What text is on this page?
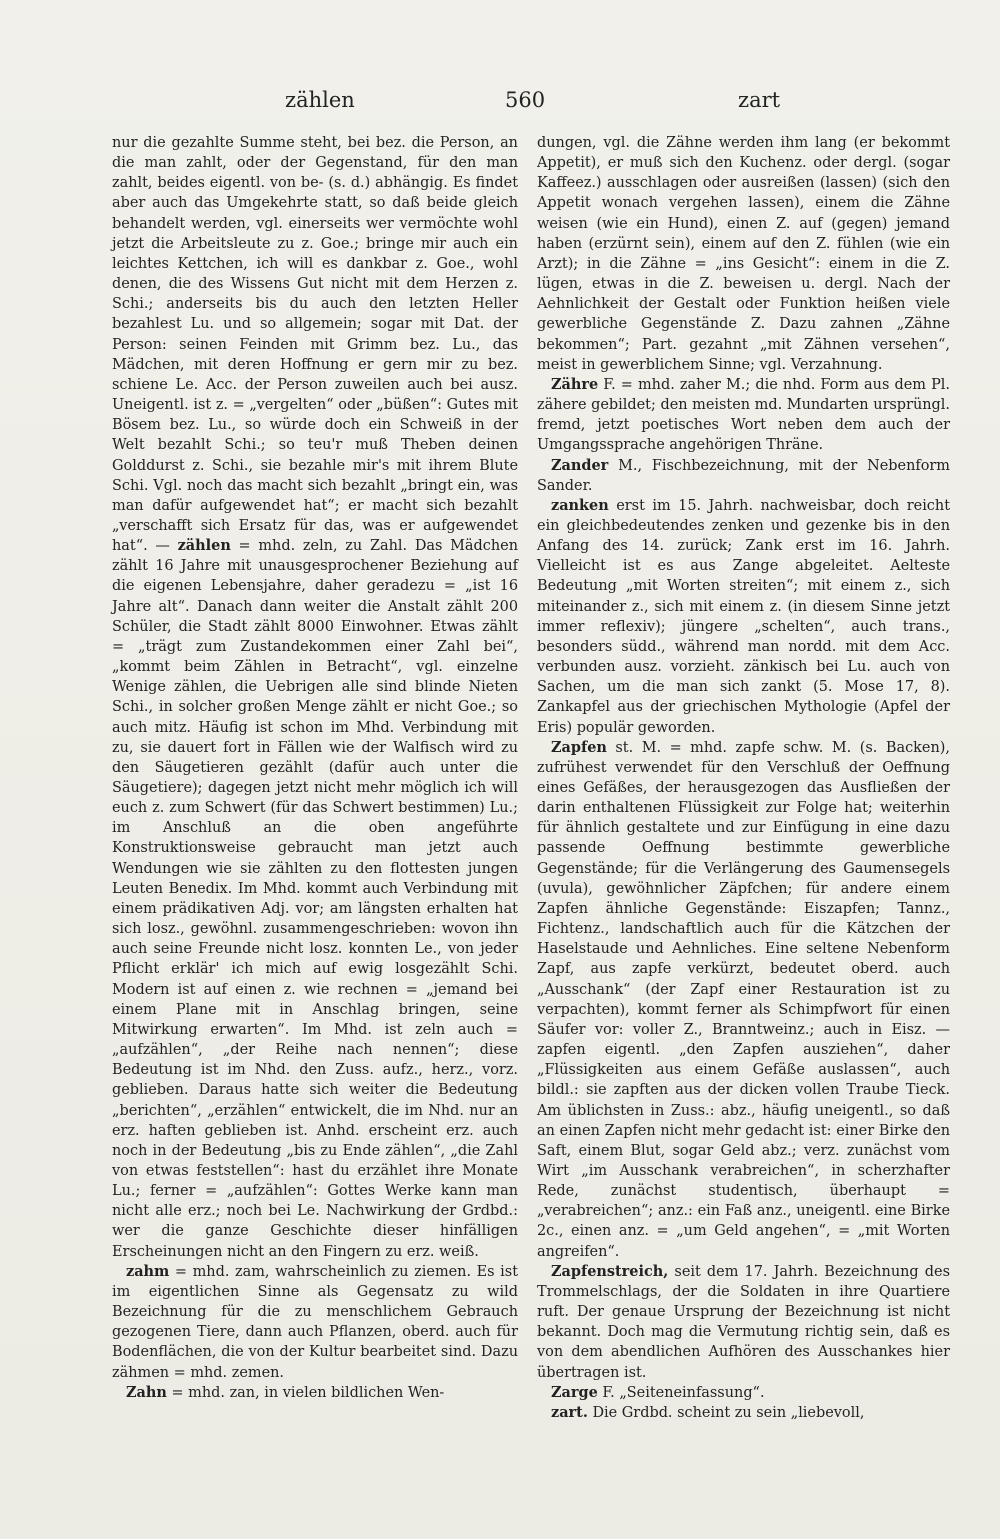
zählen	560	zart

nur die gezahlte Summe steht, bei bez. die Person, an die man zahlt, oder der Gegenstand, für den man zahlt, beides eigentl. von be- (s. d.) abhängig. Es findet aber auch das Umgekehrte statt, so daß beide gleich behandelt werden, vgl. einerseits wer vermöchte wohl jetzt die Arbeitsleute zu z. Goe.; bringe mir auch ein leichtes Kettchen, ich will es dankbar z. Goe., wohl denen, die des Wissens Gut nicht mit dem Herzen z. Schi.; anderseits bis du auch den letzten Heller bezahlest Lu. und so allgemein; sogar mit Dat. der Person: seinen Feinden mit Grimm bez. Lu., das Mädchen, mit deren Hoffnung er gern mir zu bez. schiene Le. Acc. der Person zuweilen auch bei ausz. Uneigentl. ist z. = „vergelten“ oder „büßen“: Gutes mit Bösem bez. Lu., so würde doch ein Schweiß in der Welt bezahlt Schi.; so teu'r muß Theben deinen Golddurst z. Schi., sie bezahle mir's mit ihrem Blute Schi. Vgl. noch das macht sich bezahlt „bringt ein, was man dafür aufgewendet hat“; er macht sich bezahlt „verschafft sich Ersatz für das, was er aufgewendet hat“. — zählen = mhd. zeln, zu Zahl. Das Mädchen zählt 16 Jahre mit unausgesprochener Beziehung auf die eigenen Lebensjahre, daher geradezu = „ist 16 Jahre alt“. Danach dann weiter die Anstalt zählt 200 Schüler, die Stadt zählt 8000 Einwohner. Etwas zählt = „trägt zum Zustandekommen einer Zahl bei“, „kommt beim Zählen in Betracht“, vgl. einzelne Wenige zählen, die Uebrigen alle sind blinde Nieten Schi., in solcher großen Menge zählt er nicht Goe.; so auch mitz. Häufig ist schon im Mhd. Verbindung mit zu, sie dauert fort in Fällen wie der Walfisch wird zu den Säugetieren gezählt (dafür auch unter die Säugetiere); dagegen jetzt nicht mehr möglich ich will euch z. zum Schwert (für das Schwert bestimmen) Lu.; im Anschluß an die oben angeführte Konstruktionsweise gebraucht man jetzt auch Wendungen wie sie zählten zu den flottesten jungen Leuten Benedix. Im Mhd. kommt auch Verbindung mit einem prädikativen Adj. vor; am längsten erhalten hat sich losz., gewöhnl. zusammengeschrieben: wovon ihn auch seine Freunde nicht losz. konnten Le., von jeder Pflicht erklär' ich mich auf ewig losgezählt Schi. Modern ist auf einen z. wie rechnen = „jemand bei einem Plane mit in Anschlag bringen, seine Mitwirkung erwarten“. Im Mhd. ist zeln auch = „aufzählen“, „der Reihe nach nennen“; diese Bedeutung ist im Nhd. den Zuss. aufz., herz., vorz. geblieben. Daraus hatte sich weiter die Bedeutung „berichten“, „erzählen“ entwickelt, die im Nhd. nur an erz. haften geblieben ist. Anhd. erscheint erz. auch noch in der Bedeutung „bis zu Ende zählen“, „die Zahl von etwas feststellen“: hast du erzählet ihre Monate Lu.; ferner = „aufzählen“: Gottes Werke kann man nicht alle erz.; noch bei Le. Nachwirkung der Grdbd.: wer die ganze Geschichte dieser hinfälligen Erscheinungen nicht an den Fingern zu erz. weiß.

zahm = mhd. zam, wahrscheinlich zu ziemen. Es ist im eigentlichen Sinne als Gegensatz zu wild Bezeichnung für die zu menschlichem Gebrauch gezogenen Tiere, dann auch Pflanzen, oberd. auch für Bodenflächen, die von der Kultur bearbeitet sind. Dazu zähmen = mhd. zemen.

Zahn = mhd. zan, in vielen bildlichen Wen-

dungen, vgl. die Zähne werden ihm lang (er bekommt Appetit), er muß sich den Kuchenz. oder dergl. (sogar Kaffeez.) ausschlagen oder ausreißen (lassen) (sich den Appetit wonach vergehen lassen), einem die Zähne weisen (wie ein Hund), einen Z. auf (gegen) jemand haben (erzürnt sein), einem auf den Z. fühlen (wie ein Arzt); in die Zähne = „ins Gesicht“: einem in die Z. lügen, etwas in die Z. beweisen u. dergl. Nach der Aehnlichkeit der Gestalt oder Funktion heißen viele gewerbliche Gegenstände Z. Dazu zahnen „Zähne bekommen“; Part. gezahnt „mit Zähnen versehen“, meist in gewerblichem Sinne; vgl. Verzahnung.

Zähre F. = mhd. zaher M.; die nhd. Form aus dem Pl. zähere gebildet; den meisten md. Mundarten ursprüngl. fremd, jetzt poetisches Wort neben dem auch der Umgangssprache angehörigen Thräne.

Zander M., Fischbezeichnung, mit der Nebenform Sander.

zanken erst im 15. Jahrh. nachweisbar, doch reicht ein gleichbedeutendes zenken und gezenke bis in den Anfang des 14. zurück; Zank erst im 16. Jahrh. Vielleicht ist es aus Zange abgeleitet. Aelteste Bedeutung „mit Worten streiten“; mit einem z., sich miteinander z., sich mit einem z. (in diesem Sinne jetzt immer reflexiv); jüngere „schelten“, auch trans., besonders südd., während man nordd. mit dem Acc. verbunden ausz. vorzieht. zänkisch bei Lu. auch von Sachen, um die man sich zankt (5. Mose 17, 8). Zankapfel aus der griechischen Mythologie (Apfel der Eris) populär geworden.

Zapfen st. M. = mhd. zapfe schw. M. (s. Backen), zufrühest verwendet für den Verschluß der Oeffnung eines Gefäßes, der herausgezogen das Ausfließen der darin enthaltenen Flüssigkeit zur Folge hat; weiterhin für ähnlich gestaltete und zur Einfügung in eine dazu passende Oeffnung bestimmte gewerbliche Gegenstände; für die Verlängerung des Gaumensegels (uvula), gewöhnlicher Zäpfchen; für andere einem Zapfen ähnliche Gegenstände: Eiszapfen; Tannz., Fichtenz., landschaftlich auch für die Kätzchen der Haselstaude und Aehnliches. Eine seltene Nebenform Zapf, aus zapfe verkürzt, bedeutet oberd. auch „Ausschank“ (der Zapf einer Restauration ist zu verpachten), kommt ferner als Schimpfwort für einen Säufer vor: voller Z., Branntweinz.; auch in Eisz. — zapfen eigentl. „den Zapfen ausziehen“, daher „Flüssigkeiten aus einem Gefäße auslassen“, auch bildl.: sie zapften aus der dicken vollen Traube Tieck. Am üblichsten in Zuss.: abz., häufig uneigentl., so daß an einen Zapfen nicht mehr gedacht ist: einer Birke den Saft, einem Blut, sogar Geld abz.; verz. zunächst vom Wirt „im Ausschank verabreichen“, in scherzhafter Rede, zunächst studentisch, überhaupt = „verabreichen“; anz.: ein Faß anz., uneigentl. eine Birke 2c., einen anz. = „um Geld angehen“, = „mit Worten angreifen“.

Zapfenstreich, seit dem 17. Jahrh. Bezeichnung des Trommelschlags, der die Soldaten in ihre Quartiere ruft. Der genaue Ursprung der Bezeichnung ist nicht bekannt. Doch mag die Vermutung richtig sein, daß es von dem abendlichen Aufhören des Ausschankes hier übertragen ist.

Zarge F. „Seiteneinfassung“.

zart. Die Grdbd. scheint zu sein „liebevoll,
